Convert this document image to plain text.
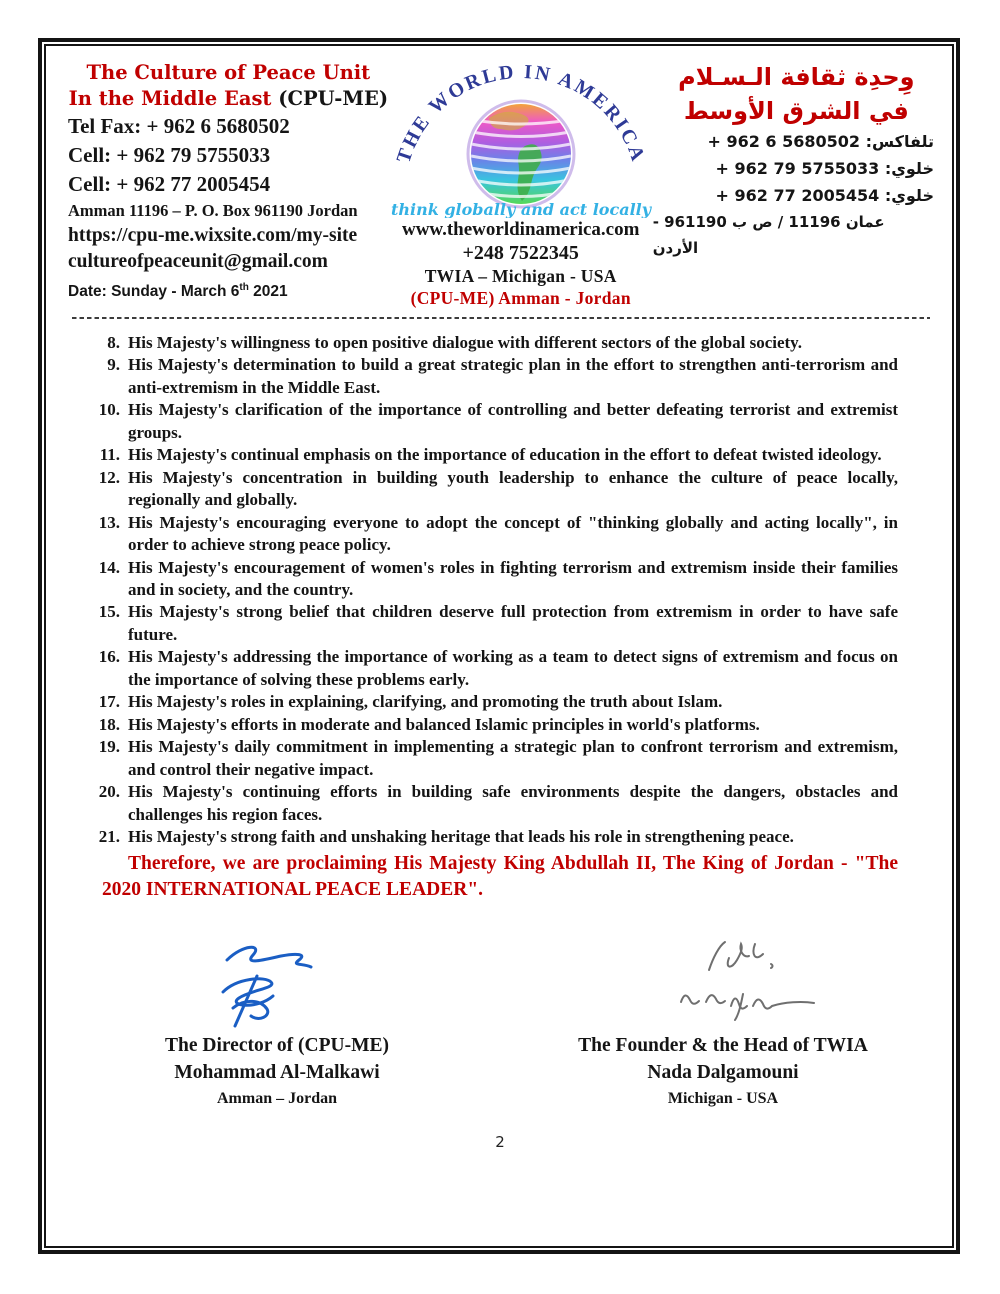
The Culture of Peace Unit
In the Middle East (CPU-ME)
Tel Fax: + 962 6 5680502
Cell: + 962 79 5755033
Cell: + 962 77 2005454
Amman 11196 – P. O. Box 961190 Jordan
https://cpu-me.wixsite.com/my-site
cultureofpeaceunit@gmail.com
Date: Sunday - March 6th 2021
THE WORLD IN AMERICA
think globally and act locally
www.theworldinamerica.com
+248 7522345
TWIA – Michigan - USA
(CPU-ME) Amman - Jordan
وِحدِة ثقافة الـسـلام
في الشرق الأوسط
+ 962 6 5680502 :تلفاكس
+ 962 79 5755033 :خلوي
+ 962 77 2005454 :خلوي
عمان 11196 / ص ب 961190 - الأردن
8. His Majesty's willingness to open positive dialogue with different sectors of the global society.
9. His Majesty's determination to build a great strategic plan in the effort to strengthen anti-terrorism and anti-extremism in the Middle East.
10. His Majesty's clarification of the importance of controlling and better defeating terrorist and extremist groups.
11. His Majesty's continual emphasis on the importance of education in the effort to defeat twisted ideology.
12. His Majesty's concentration in building youth leadership to enhance the culture of peace locally, regionally and globally.
13. His Majesty's encouraging everyone to adopt the concept of "thinking globally and acting locally", in order to achieve strong peace policy.
14. His Majesty's encouragement of women's roles in fighting terrorism and extremism inside their families and in society, and the country.
15. His Majesty's strong belief that children deserve full protection from extremism in order to have safe future.
16. His Majesty's addressing the importance of working as a team to detect signs of extremism and focus on the importance of solving these problems early.
17. His Majesty's roles in explaining, clarifying, and promoting the truth about Islam.
18. His Majesty's efforts in moderate and balanced Islamic principles in world's platforms.
19. His Majesty's daily commitment in implementing a strategic plan to confront terrorism and extremism, and control their negative impact.
20. His Majesty's continuing efforts in building safe environments despite the dangers, obstacles and challenges his region faces.
21. His Majesty's strong faith and unshaking heritage that leads his role in strengthening peace.

Therefore, we are proclaiming His Majesty King Abdullah II, The King of Jordan - "The 2020 INTERNATIONAL PEACE LEADER".

The Director of (CPU-ME)
Mohammad Al-Malkawi
Amman – Jordan
The Founder & the Head of TWIA
Nada Dalgamouni
Michigan - USA
2
